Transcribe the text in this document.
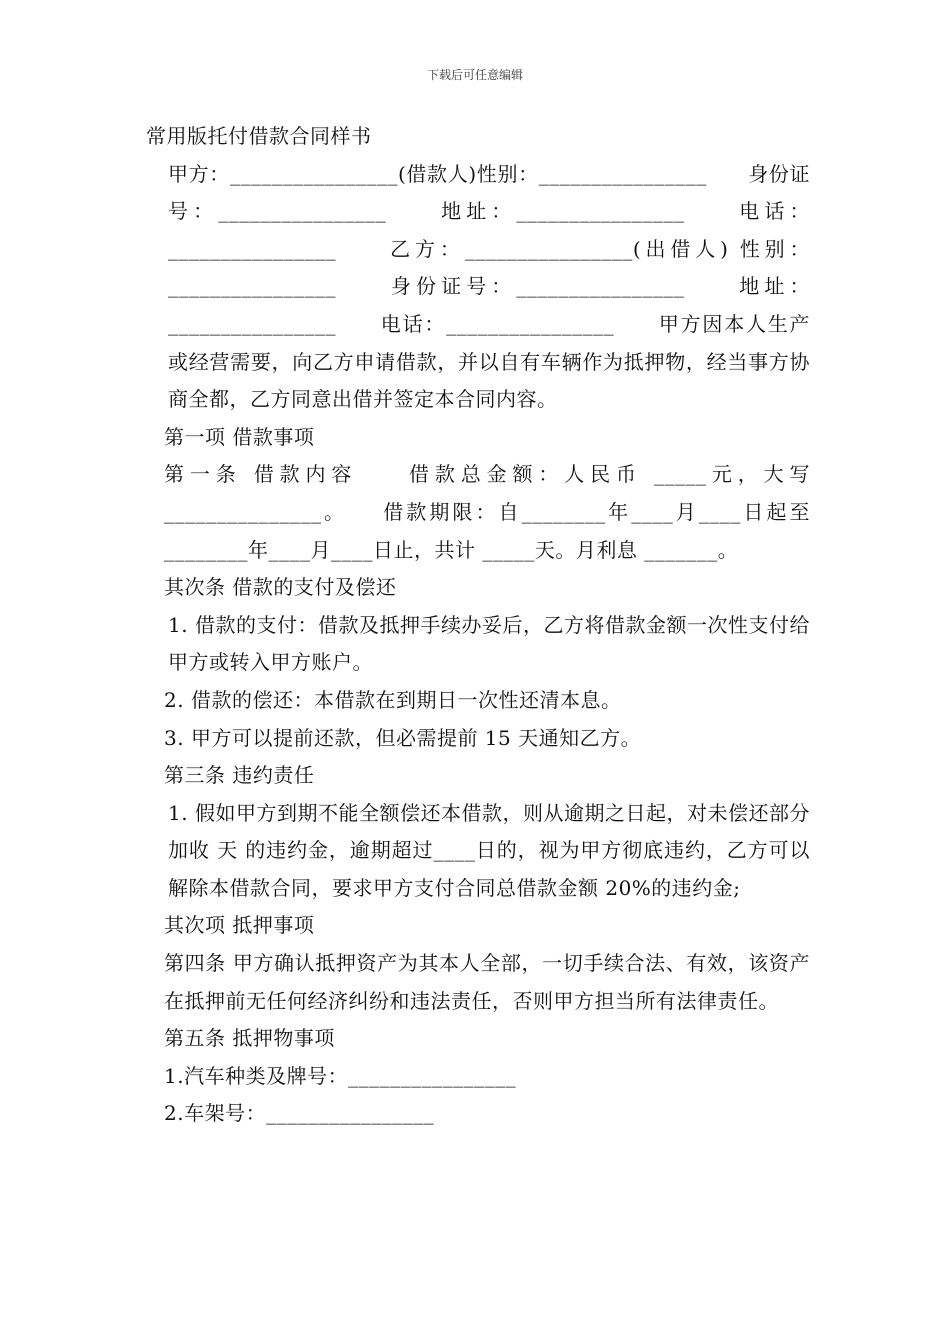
下载后可任意编辑

常用版托付借款合同样书

甲方：________________(借款人)性别：________________　　身份证号：________________　　地址：________________　　电话：________________　　乙方：________________(出借人) 性别：________________　　身份证号：________________　　地址：________________　　电话：________________　　甲方因本人生产或经营需要，向乙方申请借款，并以自有车辆作为抵押物，经当事方协商全都，乙方同意出借并签定本合同内容。

第一项 借款事项

第一条 借款内容　　借款总金额：人民币 _____元，大写 _______________。　　借款期限：自________年____月____日起至________年____月____日止，共计 _____天。月利息 _______。

其次条 借款的支付及偿还

1. 借款的支付：借款及抵押手续办妥后，乙方将借款金额一次性支付给甲方或转入甲方账户。

2. 借款的偿还：本借款在到期日一次性还清本息。

3. 甲方可以提前还款，但必需提前 15 天通知乙方。

第三条 违约责任

1. 假如甲方到期不能全额偿还本借款，则从逾期之日起，对未偿还部分加收 天 的违约金，逾期超过____日的，视为甲方彻底违约，乙方可以解除本借款合同，要求甲方支付合同总借款金额 20%的违约金;

其次项 抵押事项

第四条 甲方确认抵押资产为其本人全部，一切手续合法、有效，该资产在抵押前无任何经济纠纷和违法责任，否则甲方担当所有法律责任。

第五条 抵押物事项

1.汽车种类及牌号：________________

2.车架号：________________
